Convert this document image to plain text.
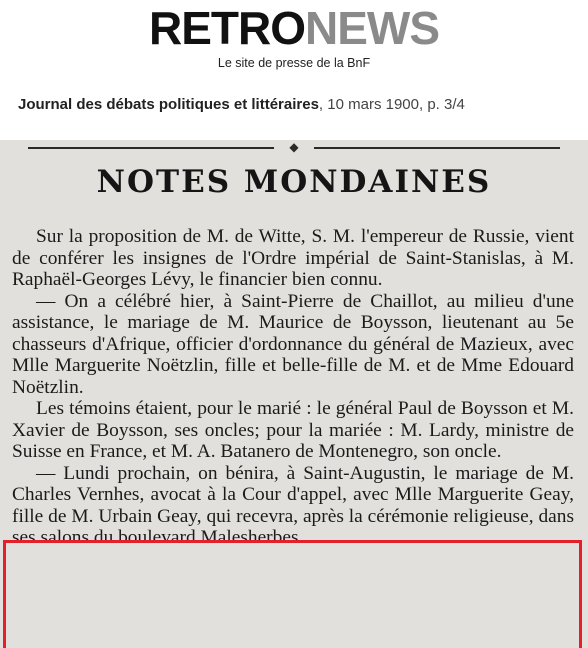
RETRONEWS
Le site de presse de la BnF
Journal des débats politiques et littéraires, 10 mars 1900, p. 3/4
◆
NOTES MONDAINES

Sur la proposition de M. de Witte, S. M. l'empereur de Russie, vient de conférer les insignes de l'Ordre impérial de Saint-Stanislas, à M. Raphaël-Georges Lévy, le financier bien connu.

— On a célébré hier, à Saint-Pierre de Chaillot, au milieu d'une assistance, le mariage de M. Maurice de Boysson, lieutenant au 5e chasseurs d'Afrique, officier d'ordonnance du général de Mazieux, avec Mlle Marguerite Noëtzlin, fille et belle-fille de M. et de Mme Edouard Noëtzlin.

Les témoins étaient, pour le marié : le général Paul de Boysson et M. Xavier de Boysson, ses oncles; pour la mariée : M. Lardy, ministre de Suisse en France, et M. A. Batanero de Montenegro, son oncle.

— Lundi prochain, on bénira, à Saint-Augustin, le mariage de M. Charles Vernhes, avocat à la Cour d'appel, avec Mlle Marguerite Geay, fille de M. Urbain Geay, qui recevra, après la cérémonie religieuse, dans ses salons du boulevard Malesherbes.
